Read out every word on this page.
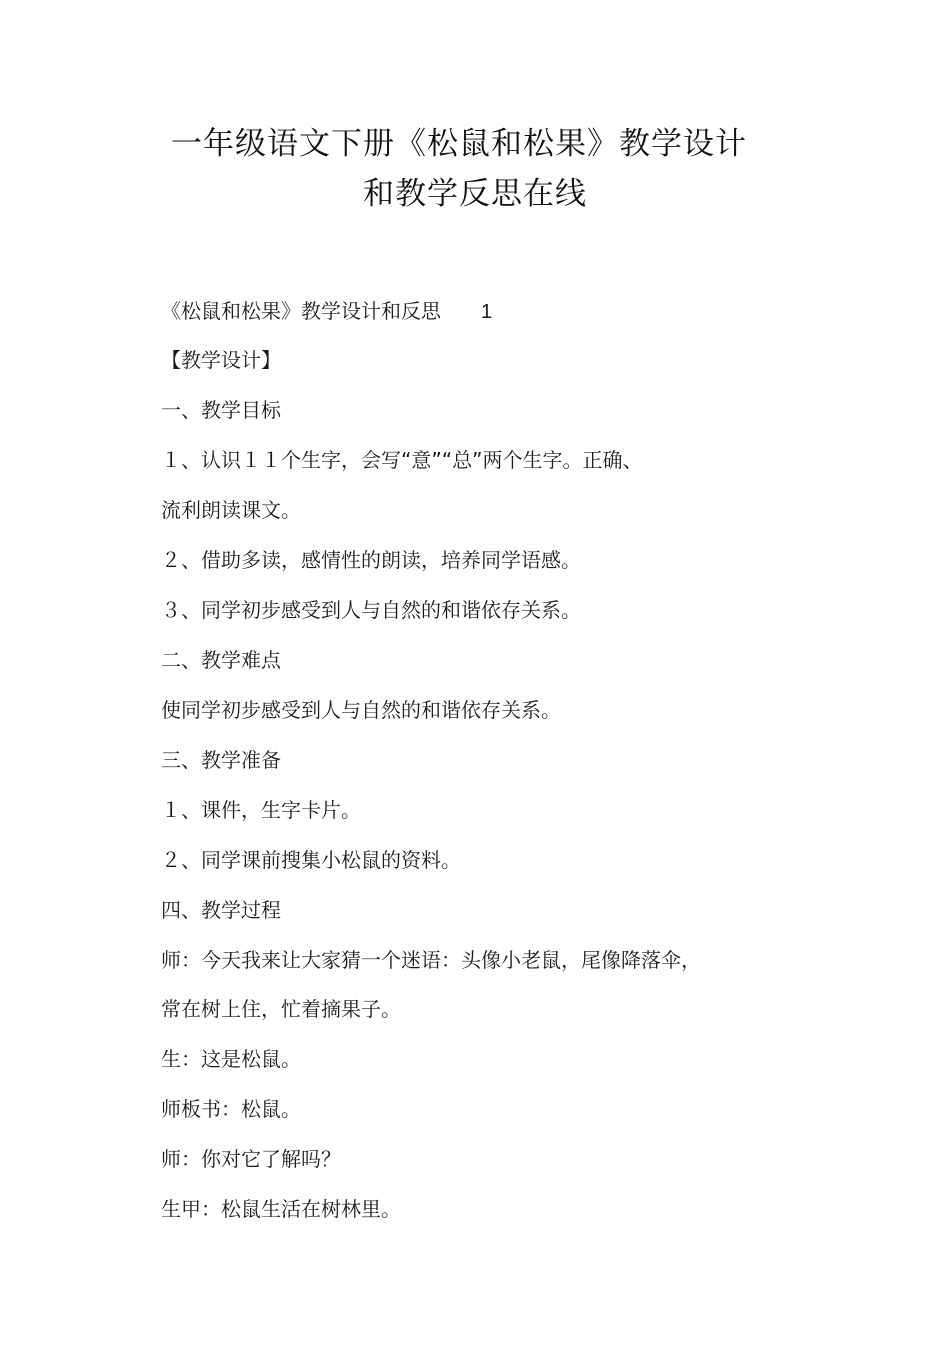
一年级语文下册《松鼠和松果》教学设计
和教学反思在线

《松鼠和松果》教学设计和反思 1

【教学设计】

一、教学目标

１、认识１１个生字，会写“意”“总”两个生字。正确、

流利朗读课文。

２、借助多读，感情性的朗读，培养同学语感。

３、同学初步感受到人与自然的和谐依存关系。

二、教学难点

使同学初步感受到人与自然的和谐依存关系。

三、教学准备

１、课件，生字卡片。

２、同学课前搜集小松鼠的资料。

四、教学过程

师：今天我来让大家猜一个迷语：头像小老鼠，尾像降落伞，

常在树上住，忙着摘果子。

生：这是松鼠。

师板书：松鼠。

师：你对它了解吗？

生甲：松鼠生活在树林里。
